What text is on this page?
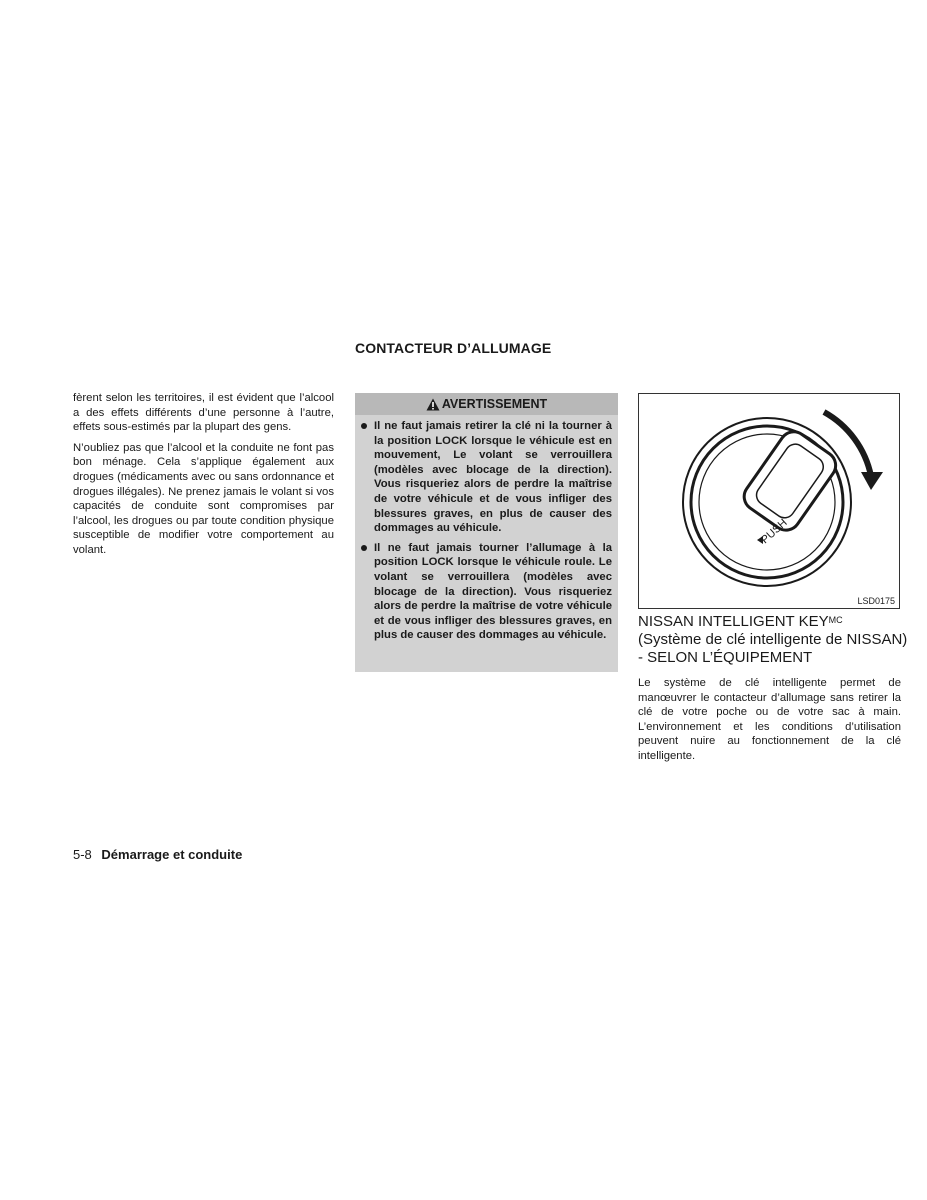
CONTACTEUR D’ALLUMAGE

fèrent selon les territoires, il est évident que l’alcool a des effets différents d’une personne à l’autre, effets sous-estimés par la plupart des gens.

N’oubliez pas que l’alcool et la conduite ne font pas bon ménage. Cela s’applique également aux drogues (médicaments avec ou sans ordonnance et drogues illégales). Ne prenez jamais le volant si vos capacités de conduite sont compromises par l’alcool, les drogues ou par toute condition physique susceptible de modifier votre comportement au volant.

AVERTISSEMENT
Il ne faut jamais retirer la clé ni la tourner à la position LOCK lorsque le véhicule est en mouvement, Le volant se verrouillera (modèles avec blocage de la direction). Vous risqueriez alors de perdre la maîtrise de votre véhicule et de vous infliger des blessures graves, en plus de causer des dommages au véhicule.
Il ne faut jamais tourner l’allumage à la position LOCK lorsque le véhicule roule. Le volant se verrouillera (modèles avec blocage de la direction). Vous risqueriez alors de perdre la maîtrise de votre véhicule et de vous infliger des blessures graves, en plus de causer des dommages au véhicule.
PUSH
LSD0175
NISSAN INTELLIGENT $KEY^{MC}$
(Système de clé intelligente de NISSAN) - SELON L’ÉQUIPEMENT

Le système de clé intelligente permet de manœuvrer le contacteur d’allumage sans retirer la clé de votre poche ou de votre sac à main. L’environnement et les conditions d’utilisation peuvent nuire au fonctionnement de la clé intelligente.

5-8 Démarrage et conduite
